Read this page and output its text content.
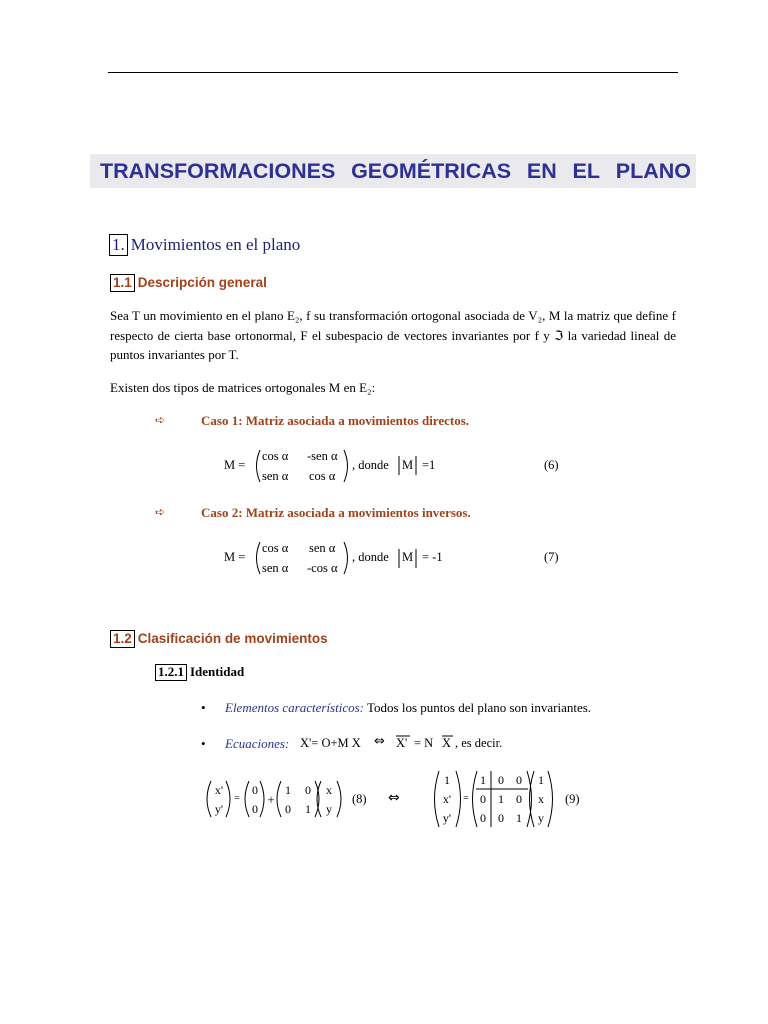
TRANSFORMACIONES GEOMÉTRICAS EN EL PLANO
1. Movimientos en el plano
1.1 Descripción general

Sea T un movimiento en el plano E₂, f su transformación ortogonal asociada de V₂, M la matriz que define f respecto de cierta base ortonormal, F el subespacio de vectores invariantes por f y ℑ la variedad lineal de puntos invariantes por T.

Existen dos tipos de matrices ortogonales M en E₂:
➪	Caso 1: Matriz asociada a movimientos directos.
M =
cos α -sen α
sen α cos α
, donde M =1	(6)
➪	Caso 2: Matriz asociada a movimientos inversos.
M =
cos α sen α
sen α -cos α
, donde M = -1	(7)
1.2 Clasificación de movimientos
1.2.1 Identidad
• Elementos característicos: Todos los puntos del plano son invariantes.
• Ecuaciones: X'= O+M X ⇔ X' = N X , es decir.
x'
y'
=
0
0
+
1	0
0	1
x
y
(8) ⇔
1
x'
y'
=
1	0	0
0	1	0
0	0	1
1
x
y
(9)
